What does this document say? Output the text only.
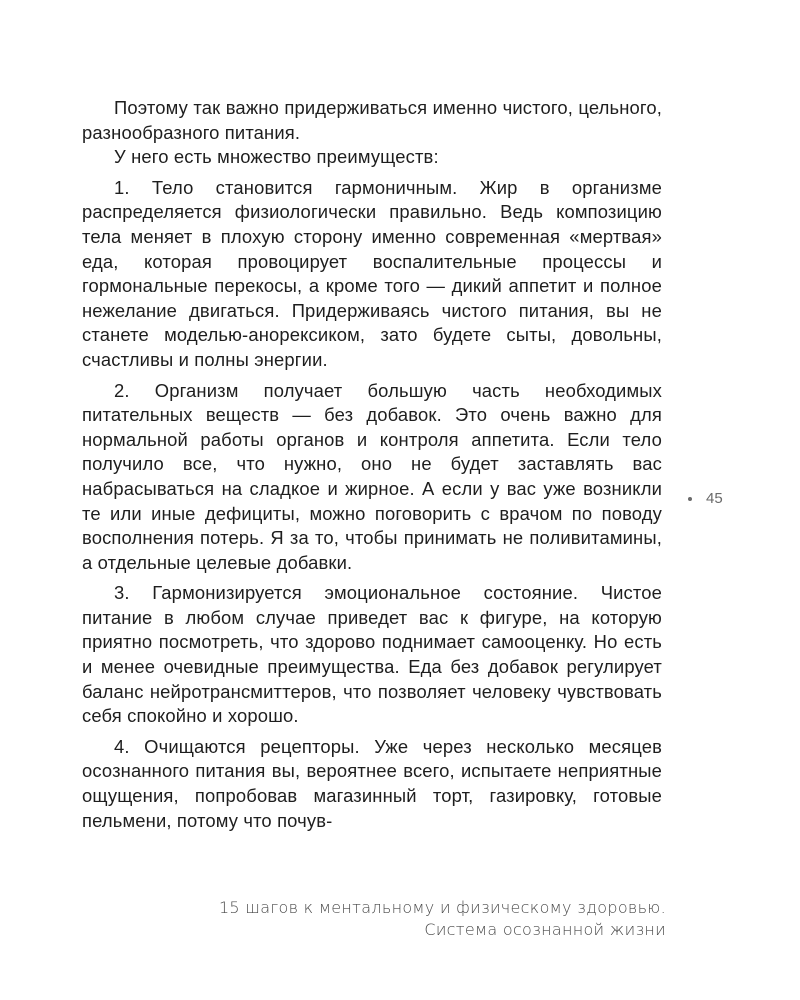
Поэтому так важно придерживаться именно чистого, цельного, разнообразного питания.

У него есть множество преимуществ:

1. Тело становится гармоничным. Жир в организме распределяется физиологически правильно. Ведь композицию тела меняет в плохую сторону именно современная «мертвая» еда, которая провоцирует воспалительные процессы и гормональные перекосы, а кроме того — дикий аппетит и полное нежелание двигаться. Придерживаясь чистого питания, вы не станете моделью-анорексиком, зато будете сыты, довольны, счастливы и полны энергии.

2. Организм получает большую часть необходимых питательных веществ — без добавок. Это очень важно для нормальной работы органов и контроля аппетита. Если тело получило все, что нужно, оно не будет заставлять вас набрасываться на сладкое и жирное. А если у вас уже возникли те или иные дефициты, можно поговорить с врачом по поводу восполнения потерь. Я за то, чтобы принимать не поливитамины, а отдельные целевые добавки.

3. Гармонизируется эмоциональное состояние. Чистое питание в любом случае приведет вас к фигуре, на которую приятно посмотреть, что здорово поднимает самооценку. Но есть и менее очевидные преимущества. Еда без добавок регулирует баланс нейротрансмиттеров, что позволяет человеку чувствовать себя спокойно и хорошо.

4. Очищаются рецепторы. Уже через несколько месяцев осознанного питания вы, вероятнее всего, испытаете неприятные ощущения, попробовав магазинный торт, газировку, готовые пельмени, потому что почув-

45
15 шагов к ментальному и физическому здоровью.
Система осознанной жизни
